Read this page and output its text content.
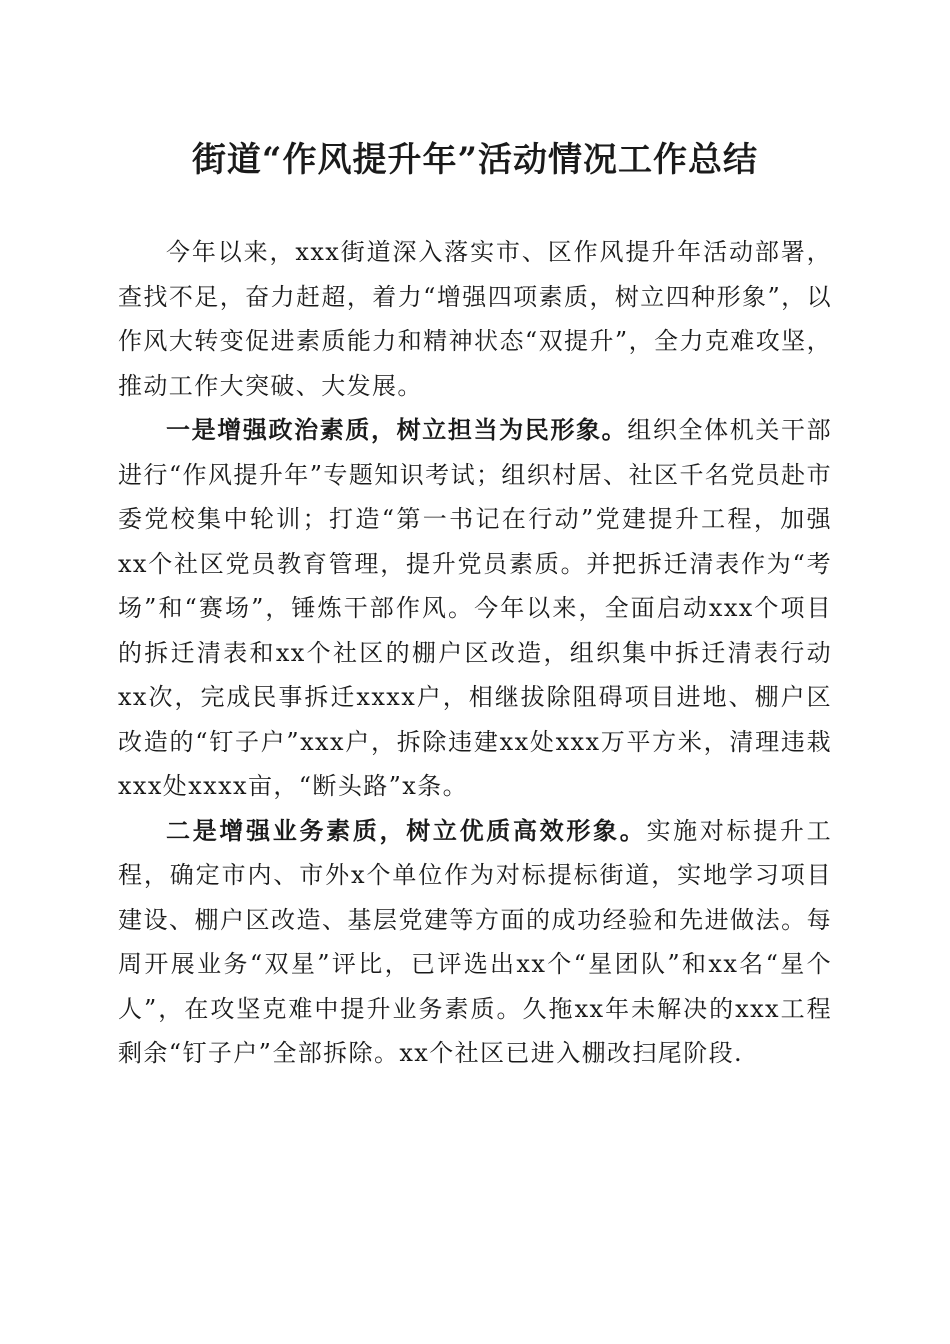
街道“作风提升年”活动情况工作总结

今年以来，xxx街道深入落实市、区作风提升年活动部署，查找不足，奋力赶超，着力“增强四项素质，树立四种形象”，以作风大转变促进素质能力和精神状态“双提升”，全力克难攻坚，推动工作大突破、大发展。

一是增强政治素质，树立担当为民形象。组织全体机关干部进行“作风提升年”专题知识考试；组织村居、社区千名党员赴市委党校集中轮训；打造“第一书记在行动”党建提升工程，加强xx个社区党员教育管理，提升党员素质。并把拆迁清表作为“考场”和“赛场”，锤炼干部作风。今年以来，全面启动xxx个项目的拆迁清表和xx个社区的棚户区改造，组织集中拆迁清表行动xx次，完成民事拆迁xxxx户，相继拔除阻碍项目进地、棚户区改造的“钉子户”xxx户，拆除违建xx处xxx万平方米，清理违栽xxx处xxxx亩，“断头路”x条。

二是增强业务素质，树立优质高效形象。实施对标提升工程，确定市内、市外x个单位作为对标提标街道，实地学习项目建设、棚户区改造、基层党建等方面的成功经验和先进做法。每周开展业务“双星”评比，已评选出xx个“星团队”和xx名“星个人”，在攻坚克难中提升业务素质。久拖xx年未解决的xxx工程剩余“钉子户”全部拆除。xx个社区已进入棚改扫尾阶段.
